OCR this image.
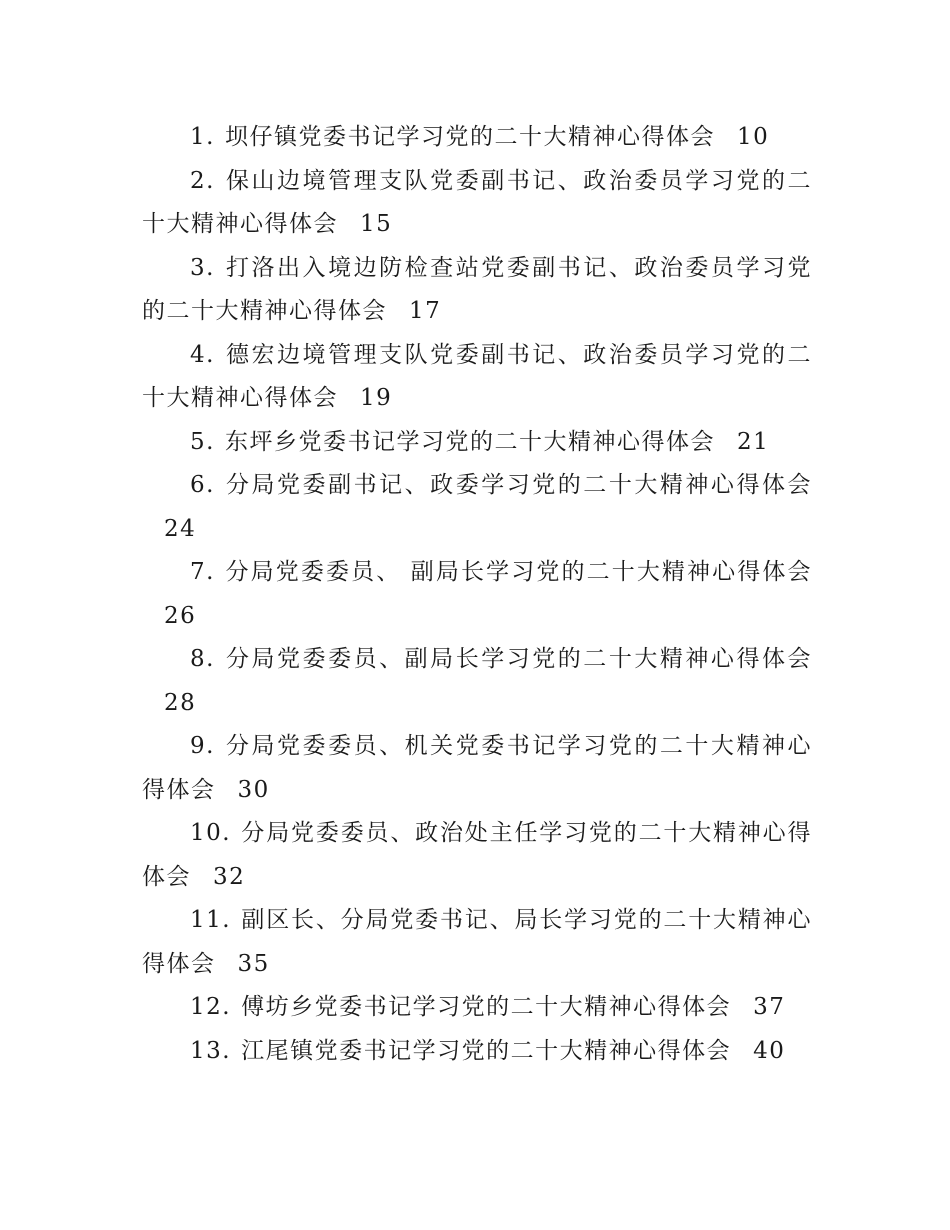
1. 坝仔镇党委书记学习党的二十大精神心得体会 10
2. 保山边境管理支队党委副书记、政治委员学习党的二十大精神心得体会 15
3. 打洛出入境边防检查站党委副书记、政治委员学习党的二十大精神心得体会 17
4. 德宏边境管理支队党委副书记、政治委员学习党的二十大精神心得体会 19
5. 东坪乡党委书记学习党的二十大精神心得体会 21
6. 分局党委副书记、政委学习党的二十大精神心得体会24
7. 分局党委委员、 副局长学习党的二十大精神心得体会26
8. 分局党委委员、副局长学习党的二十大精神心得体会28
9. 分局党委委员、机关党委书记学习党的二十大精神心得体会 30
10. 分局党委委员、政治处主任学习党的二十大精神心得体会 32
11. 副区长、分局党委书记、局长学习党的二十大精神心得体会 35
12. 傅坊乡党委书记学习党的二十大精神心得体会 37
13. 江尾镇党委书记学习党的二十大精神心得体会 40
